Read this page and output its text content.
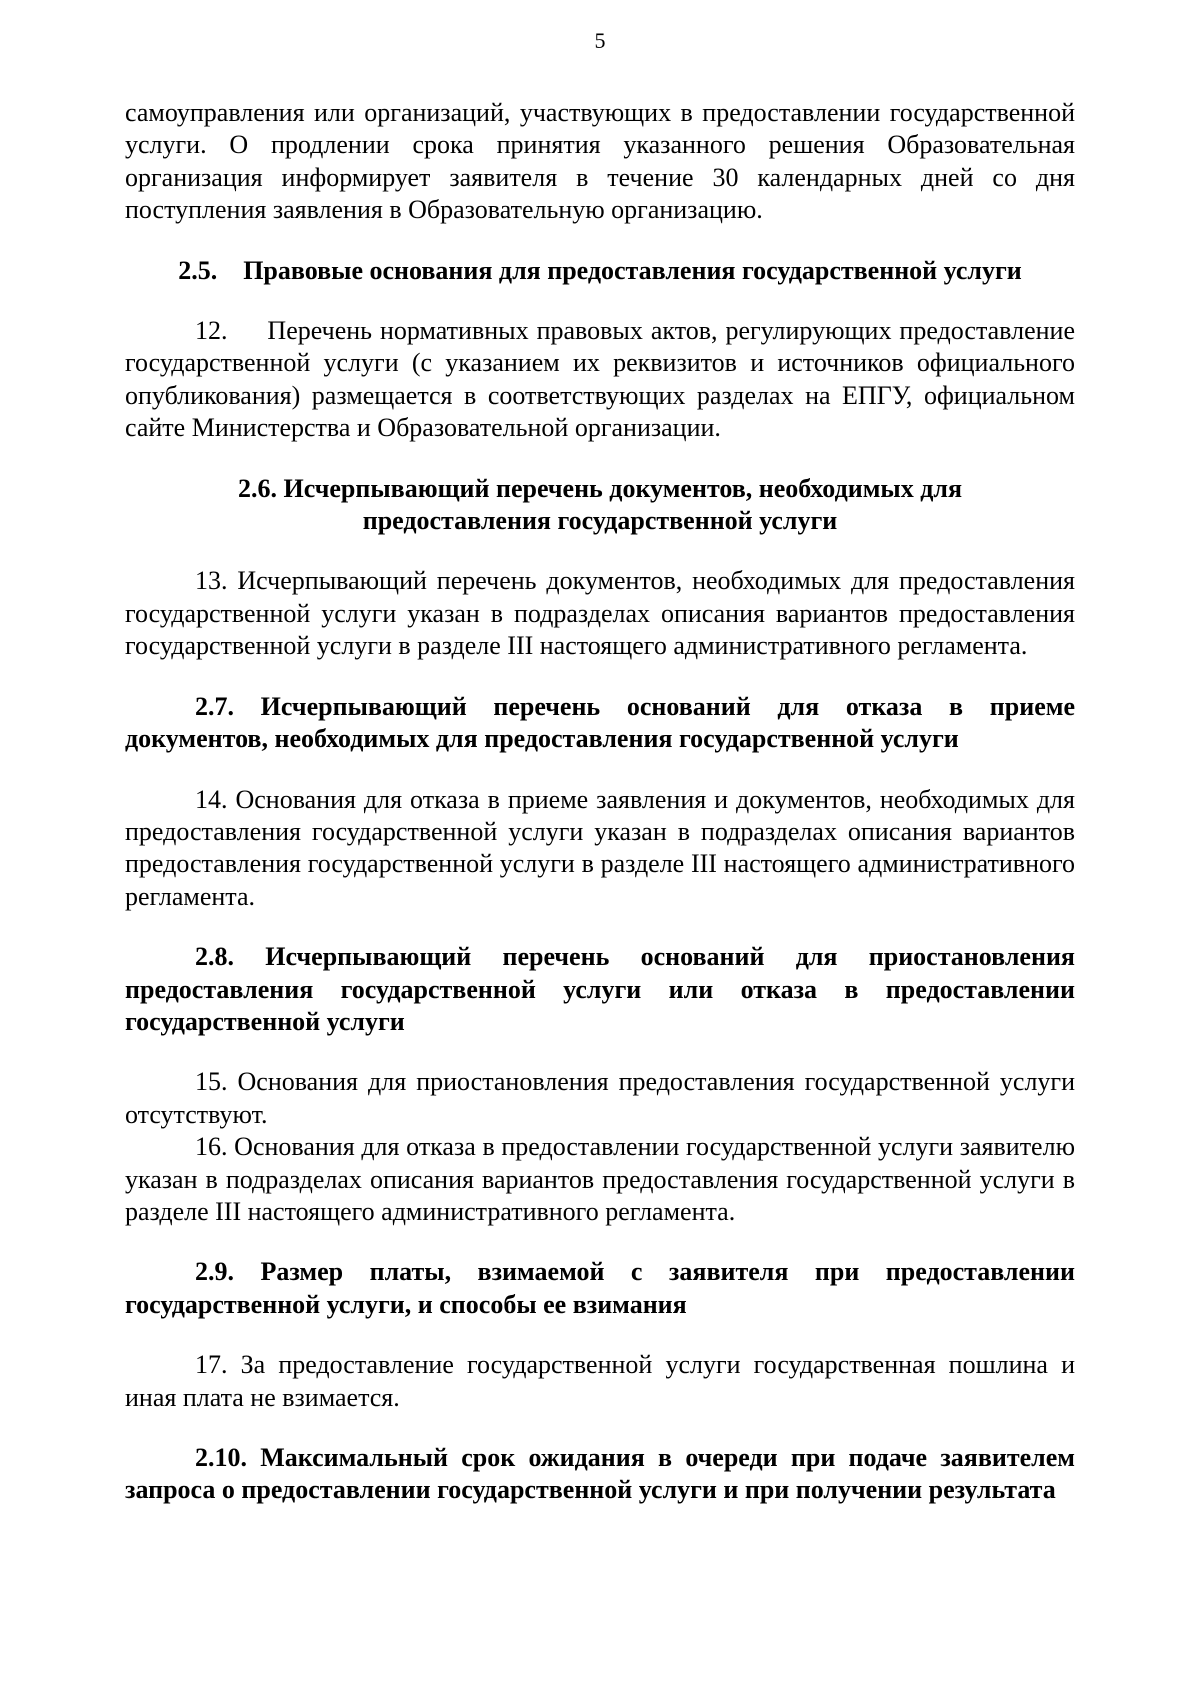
5

самоуправления или организаций, участвующих в предоставлении государственной услуги. О продлении срока принятия указанного решения Образовательная организация информирует заявителя в течение 30 календарных дней со дня поступления заявления в Образовательную организацию.

2.5. Правовые основания для предоставления государственной услуги

12. Перечень нормативных правовых актов, регулирующих предоставление государственной услуги (с указанием их реквизитов и источников официального опубликования) размещается в соответствующих разделах на ЕПГУ, официальном сайте Министерства и Образовательной организации.

2.6. Исчерпывающий перечень документов, необходимых для
предоставления государственной услуги

13. Исчерпывающий перечень документов, необходимых для предоставления государственной услуги указан в подразделах описания вариантов предоставления государственной услуги в разделе III настоящего административного регламента.

2.7. Исчерпывающий перечень оснований для отказа в приеме документов, необходимых для предоставления государственной услуги

14. Основания для отказа в приеме заявления и документов, необходимых для предоставления государственной услуги указан в подразделах описания вариантов предоставления государственной услуги в разделе III настоящего административного регламента.

2.8. Исчерпывающий перечень оснований для приостановления предоставления государственной услуги или отказа в предоставлении государственной услуги

15. Основания для приостановления предоставления государственной услуги отсутствуют.

16. Основания для отказа в предоставлении государственной услуги заявителю указан в подразделах описания вариантов предоставления государственной услуги в разделе III настоящего административного регламента.

2.9. Размер платы, взимаемой с заявителя при предоставлении государственной услуги, и способы ее взимания

17. За предоставление государственной услуги государственная пошлина и иная плата не взимается.

2.10. Максимальный срок ожидания в очереди при подаче заявителем запроса о предоставлении государственной услуги и при получении результата
